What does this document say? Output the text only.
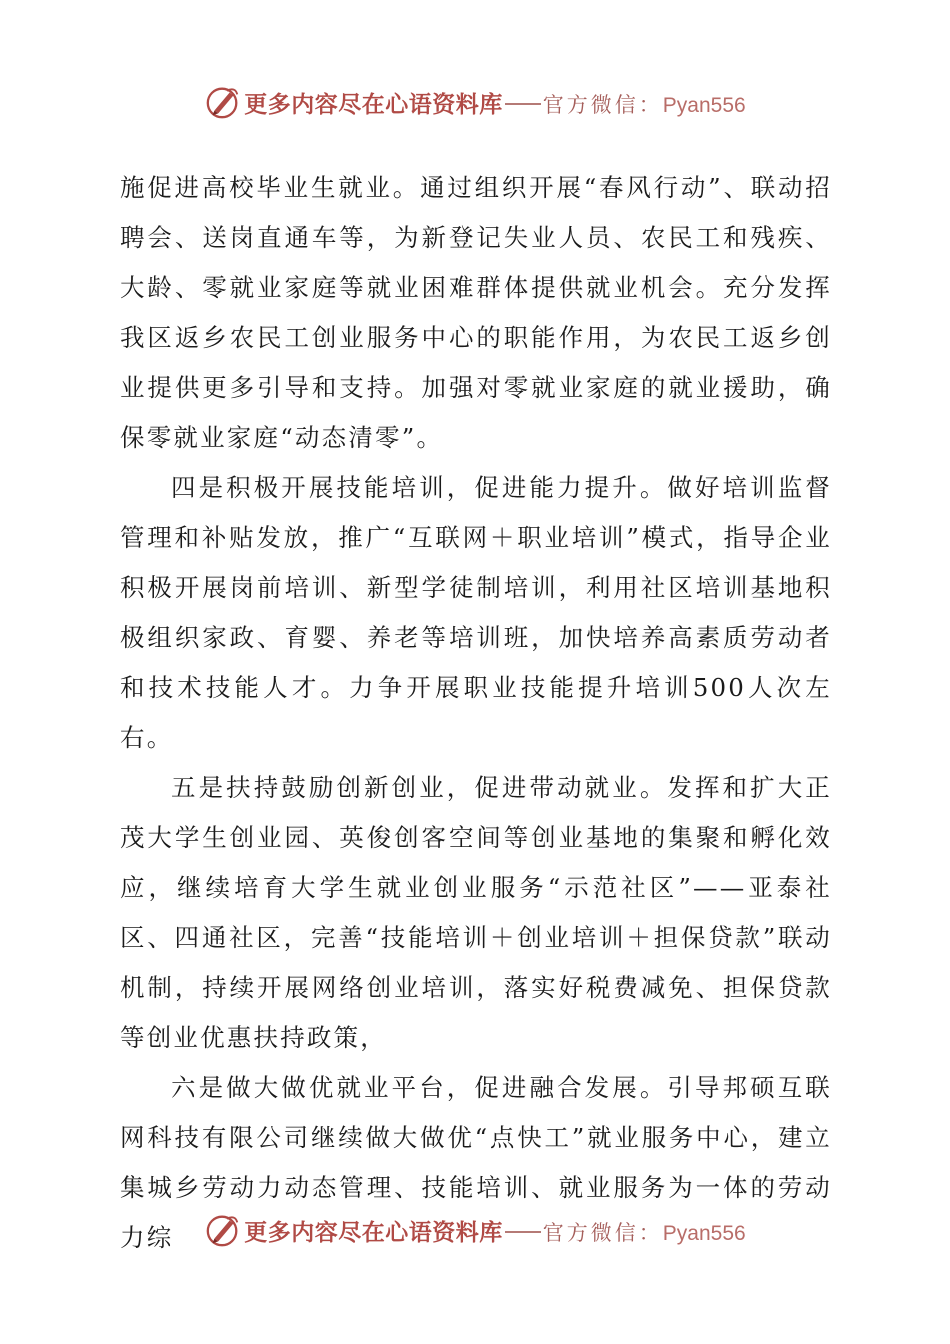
更多内容尽在心语资料库 官方微信： Pyan556

施促进高校毕业生就业。通过组织开展“春风行动”、联动招聘会、送岗直通车等，为新登记失业人员、农民工和残疾、大龄、零就业家庭等就业困难群体提供就业机会。充分发挥我区返乡农民工创业服务中心的职能作用，为农民工返乡创业提供更多引导和支持。加强对零就业家庭的就业援助，确保零就业家庭“动态清零”。

四是积极开展技能培训，促进能力提升。做好培训监督管理和补贴发放，推广“互联网＋职业培训”模式，指导企业积极开展岗前培训、新型学徒制培训，利用社区培训基地积极组织家政、育婴、养老等培训班，加快培养高素质劳动者和技术技能人才。力争开展职业技能提升培训500人次左右。

五是扶持鼓励创新创业，促进带动就业。发挥和扩大正茂大学生创业园、英俊创客空间等创业基地的集聚和孵化效应，继续培育大学生就业创业服务“示范社区”——亚泰社区、四通社区，完善“技能培训＋创业培训＋担保贷款”联动机制，持续开展网络创业培训，落实好税费减免、担保贷款等创业优惠扶持政策，

六是做大做优就业平台，促进融合发展。引导邦硕互联网科技有限公司继续做大做优“点快工”就业服务中心，建立集城乡劳动力动态管理、技能培训、就业服务为一体的劳动力综	更多内容尽在心语资料库 官方微信： Pyan556
